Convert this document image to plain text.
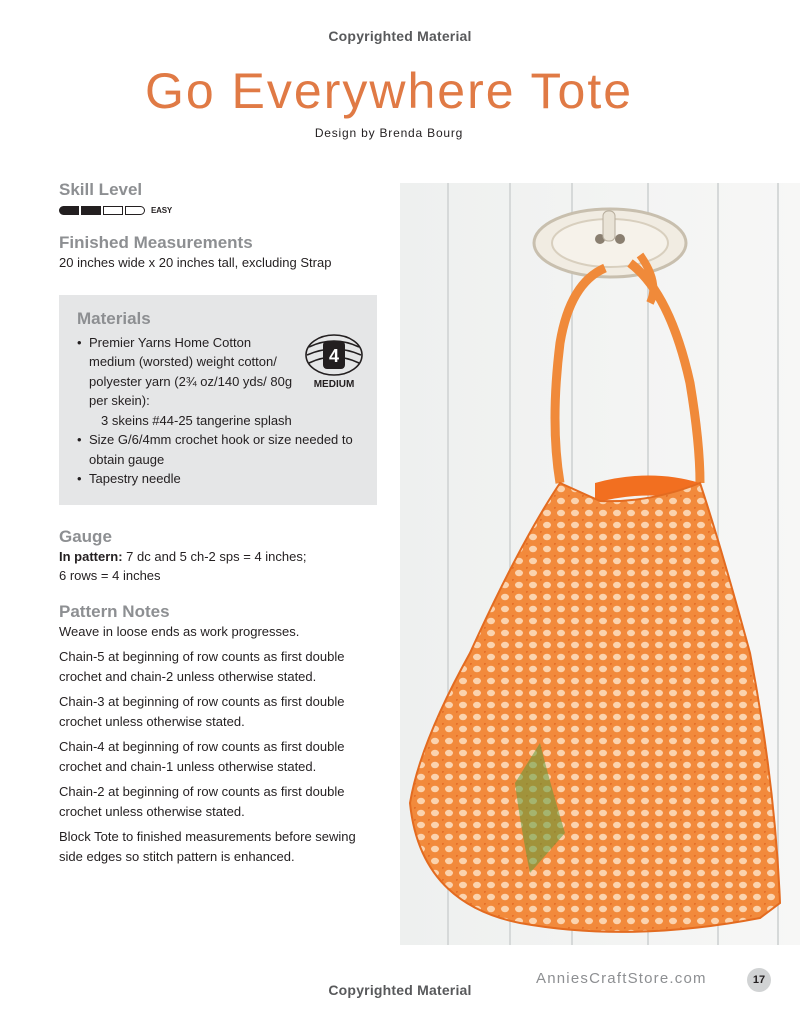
Copyrighted Material
Go Everywhere Tote
Design by Brenda Bourg
Skill Level
EASY
Finished Measurements

20 inches wide x 20 inches tall, excluding Strap

Materials
4
MEDIUM
• Premier Yarns Home Cotton medium (worsted) weight cotton/ polyester yarn (2¾ oz/140 yds/ 80g per skein):
3 skeins #44-25 tangerine splash
• Size G/6/4mm crochet hook or size needed to obtain gauge
• Tapestry needle
Gauge

In pattern: 7 dc and 5 ch-2 sps = 4 inches;

6 rows = 4 inches

Pattern Notes

Weave in loose ends as work progresses.

Chain-5 at beginning of row counts as first double crochet and chain-2 unless otherwise stated.

Chain-3 at beginning of row counts as first double crochet unless otherwise stated.

Chain-4 at beginning of row counts as first double crochet and chain-1 unless otherwise stated.

Chain-2 at beginning of row counts as first double crochet unless otherwise stated.

Block Tote to finished measurements before sewing side edges so stitch pattern is enhanced.

AnniesCraftStore.com	17
Copyrighted Material
